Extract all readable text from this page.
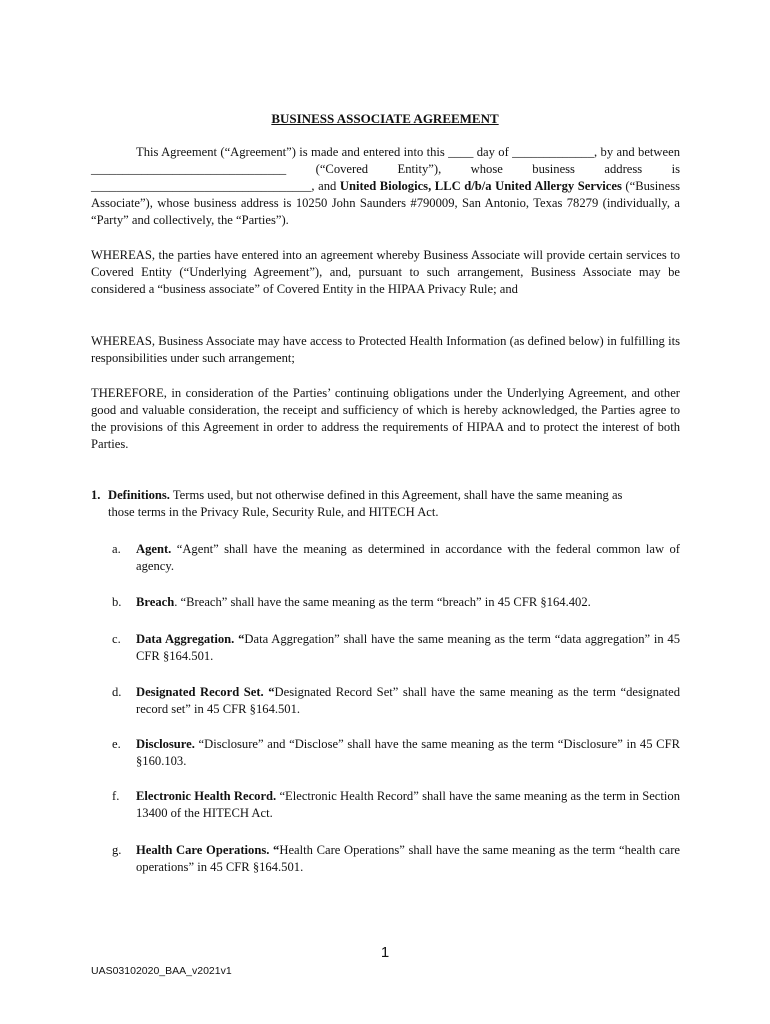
BUSINESS ASSOCIATE AGREEMENT

This Agreement (“Agreement”) is made and entered into this ____ day of _____________, by and between _______________________________ (“Covered Entity”), whose business address is ___________________________________, and United Biologics, LLC d/b/a United Allergy Services (“Business Associate”), whose business address is 10250 John Saunders #790009, San Antonio, Texas 78279 (individually, a “Party” and collectively, the “Parties”).

WHEREAS, the parties have entered into an agreement whereby Business Associate will provide certain services to Covered Entity (“Underlying Agreement”), and, pursuant to such arrangement, Business Associate may be considered a “business associate” of Covered Entity in the HIPAA Privacy Rule; and

WHEREAS, Business Associate may have access to Protected Health Information (as defined below) in fulfilling its responsibilities under such arrangement;

THEREFORE, in consideration of the Parties’ continuing obligations under the Underlying Agreement, and other good and valuable consideration, the receipt and sufficiency of which is hereby acknowledged, the Parties agree to the provisions of this Agreement in order to address the requirements of HIPAA and to protect the interest of both Parties.

1. Definitions. Terms used, but not otherwise defined in this Agreement, shall have the same meaning as
those terms in the Privacy Rule, Security Rule, and HITECH Act.
a.	Agent. “Agent” shall have the meaning as determined in accordance with the federal common law of agency.
b.	Breach. “Breach” shall have the same meaning as the term “breach” in 45 CFR §164.402.
c.	Data Aggregation. “Data Aggregation” shall have the same meaning as the term “data aggregation” in 45 CFR §164.501.
d.	Designated Record Set. “Designated Record Set” shall have the same meaning as the term “designated record set” in 45 CFR §164.501.
e.	Disclosure. “Disclosure” and “Disclose” shall have the same meaning as the term “Disclosure” in 45 CFR §160.103.
f.	Electronic Health Record. “Electronic Health Record” shall have the same meaning as the term in Section 13400 of the HITECH Act.
g.	Health Care Operations. “Health Care Operations” shall have the same meaning as the term “health care operations” in 45 CFR §164.501.
1
UAS03102020_BAA_v2021v1
